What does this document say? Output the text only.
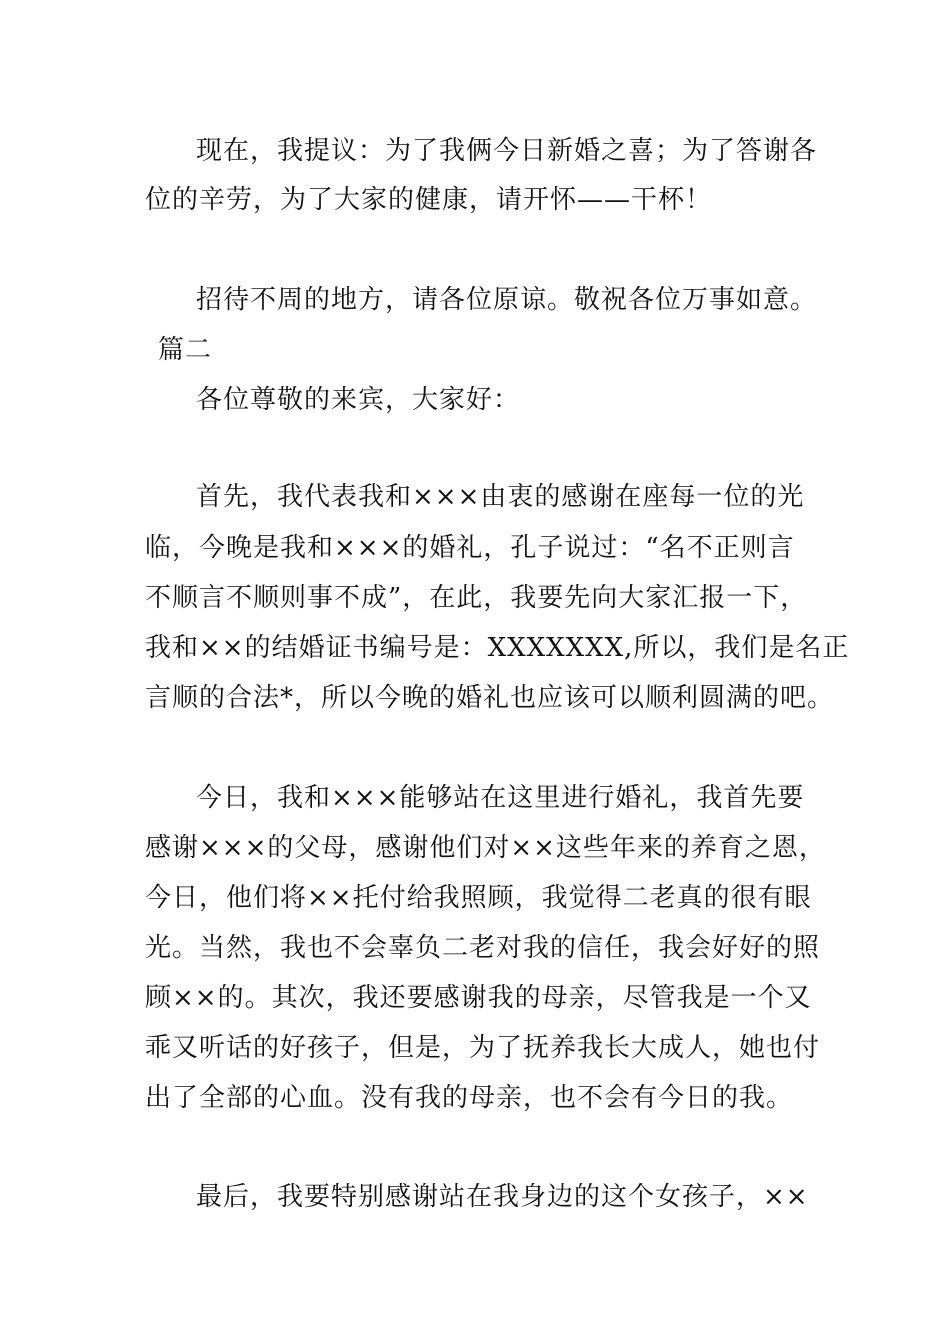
现在，我提议：为了我俩今日新婚之喜；为了答谢各
位的辛劳，为了大家的健康，请开怀——干杯！
招待不周的地方，请各位原谅。敬祝各位万事如意。
篇二
各位尊敬的来宾，大家好：
首先，我代表我和×××由衷的感谢在座每一位的光
临，今晚是我和×××的婚礼，孔子说过：“名不正则言
不顺言不顺则事不成”，在此，我要先向大家汇报一下，
我和××的结婚证书编号是：XXXXXXX,所以，我们是名正
言顺的合法*，所以今晚的婚礼也应该可以顺利圆满的吧。
今日，我和×××能够站在这里进行婚礼，我首先要
感谢×××的父母，感谢他们对××这些年来的养育之恩，
今日，他们将××托付给我照顾，我觉得二老真的很有眼
光。当然，我也不会辜负二老对我的信任，我会好好的照
顾××的。其次，我还要感谢我的母亲，尽管我是一个又
乖又听话的好孩子，但是，为了抚养我长大成人，她也付
出了全部的心血。没有我的母亲，也不会有今日的我。
最后，我要特别感谢站在我身边的这个女孩子，××
